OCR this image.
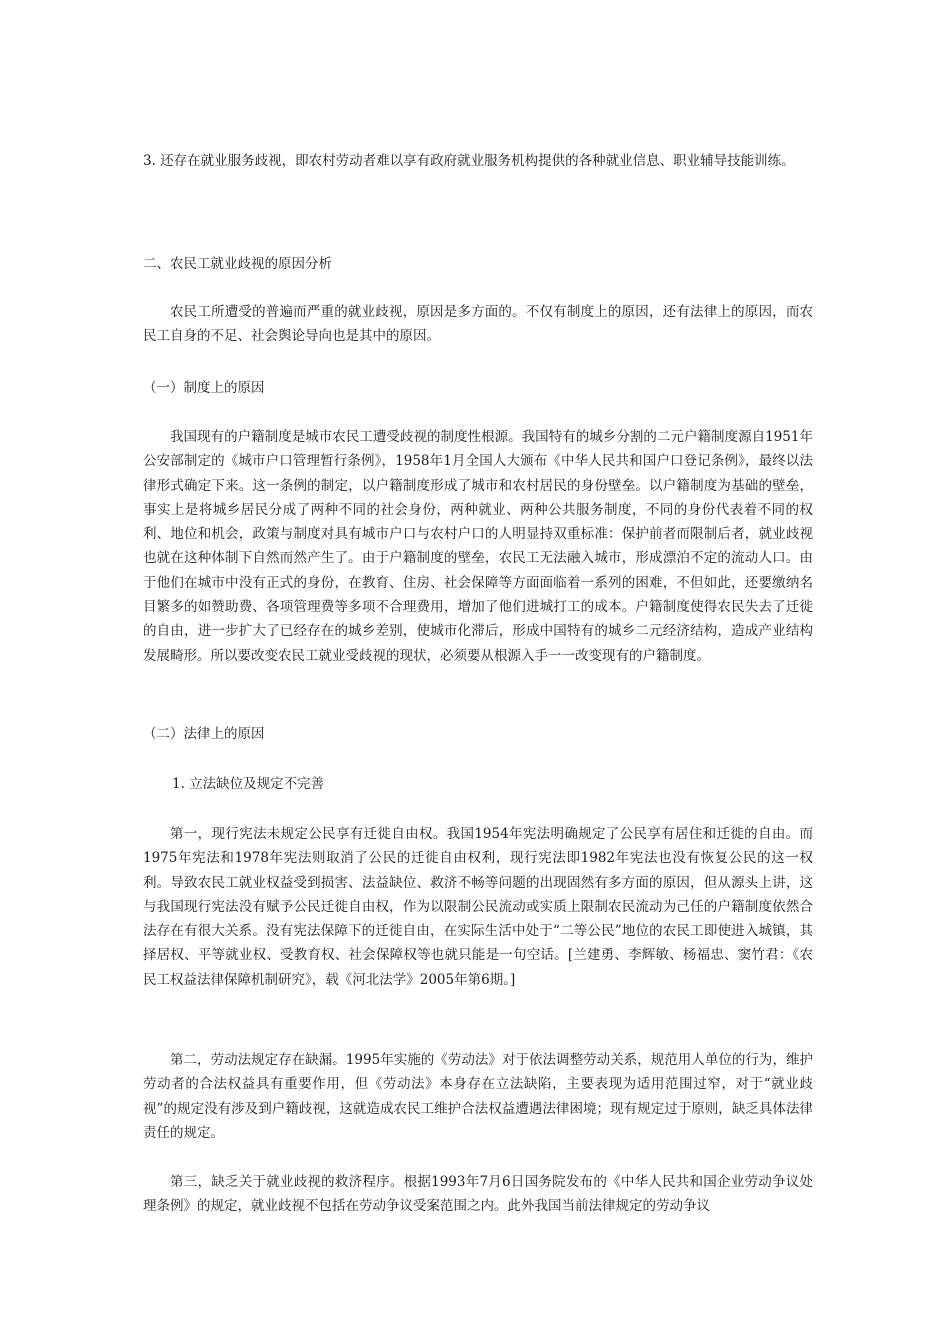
3. 还存在就业服务歧视，即农村劳动者难以享有政府就业服务机构提供的各种就业信息、职业辅导技能训练。

二、农民工就业歧视的原因分析

农民工所遭受的普遍而严重的就业歧视，原因是多方面的。不仅有制度上的原因，还有法律上的原因，而农民工自身的不足、社会舆论导向也是其中的原因。

（一）制度上的原因

我国现有的户籍制度是城市农民工遭受歧视的制度性根源。我国特有的城乡分割的二元户籍制度源自1951年公安部制定的《城市户口管理暂行条例》，1958年1月全国人大颁布《中华人民共和国户口登记条例》，最终以法律形式确定下来。这一条例的制定，以户籍制度形成了城市和农村居民的身份壁垒。以户籍制度为基础的壁垒，事实上是将城乡居民分成了两种不同的社会身份，两种就业、两种公共服务制度，不同的身份代表着不同的权利、地位和机会，政策与制度对具有城市户口与农村户口的人明显持双重标准：保护前者而限制后者，就业歧视也就在这种体制下自然而然产生了。由于户籍制度的壁垒，农民工无法融入城市，形成漂泊不定的流动人口。由于他们在城市中没有正式的身份，在教育、住房、社会保障等方面面临着一系列的困难，不但如此，还要缴纳名目繁多的如赞助费、各项管理费等多项不合理费用，增加了他们进城打工的成本。户籍制度使得农民失去了迁徙的自由，进一步扩大了已经存在的城乡差别，使城市化滞后，形成中国特有的城乡二元经济结构，造成产业结构发展畸形。所以要改变农民工就业受歧视的现状，必须要从根源入手一一改变现有的户籍制度。

（二）法律上的原因

1. 立法缺位及规定不完善

第一，现行宪法未规定公民享有迁徙自由权。我国1954年宪法明确规定了公民享有居住和迁徙的自由。而1975年宪法和1978年宪法则取消了公民的迁徙自由权利，现行宪法即1982年宪法也没有恢复公民的这一权利。导致农民工就业权益受到损害、法益缺位、救济不畅等问题的出现固然有多方面的原因，但从源头上讲，这与我国现行宪法没有赋予公民迁徙自由权，作为以限制公民流动或实质上限制农民流动为己任的户籍制度依然合法存在有很大关系。没有宪法保障下的迁徙自由，在实际生活中处于“二等公民”地位的农民工即使进入城镇，其择居权、平等就业权、受教育权、社会保障权等也就只能是一句空话。[兰建勇、李辉敏、杨福忠、窦竹君：《农民工权益法律保障机制研究》，载《河北法学》2005年第6期。]

第二，劳动法规定存在缺漏。1995年实施的《劳动法》对于依法调整劳动关系，规范用人单位的行为，维护劳动者的合法权益具有重要作用，但《劳动法》本身存在立法缺陷，主要表现为适用范围过窄，对于“就业歧视”的规定没有涉及到户籍歧视，这就造成农民工维护合法权益遭遇法律困境；现有规定过于原则，缺乏具体法律责任的规定。

第三，缺乏关于就业歧视的救济程序。根据1993年7月6日国务院发布的《中华人民共和国企业劳动争议处理条例》的规定，就业歧视不包括在劳动争议受案范围之内。此外我国当前法律规定的劳动争议
